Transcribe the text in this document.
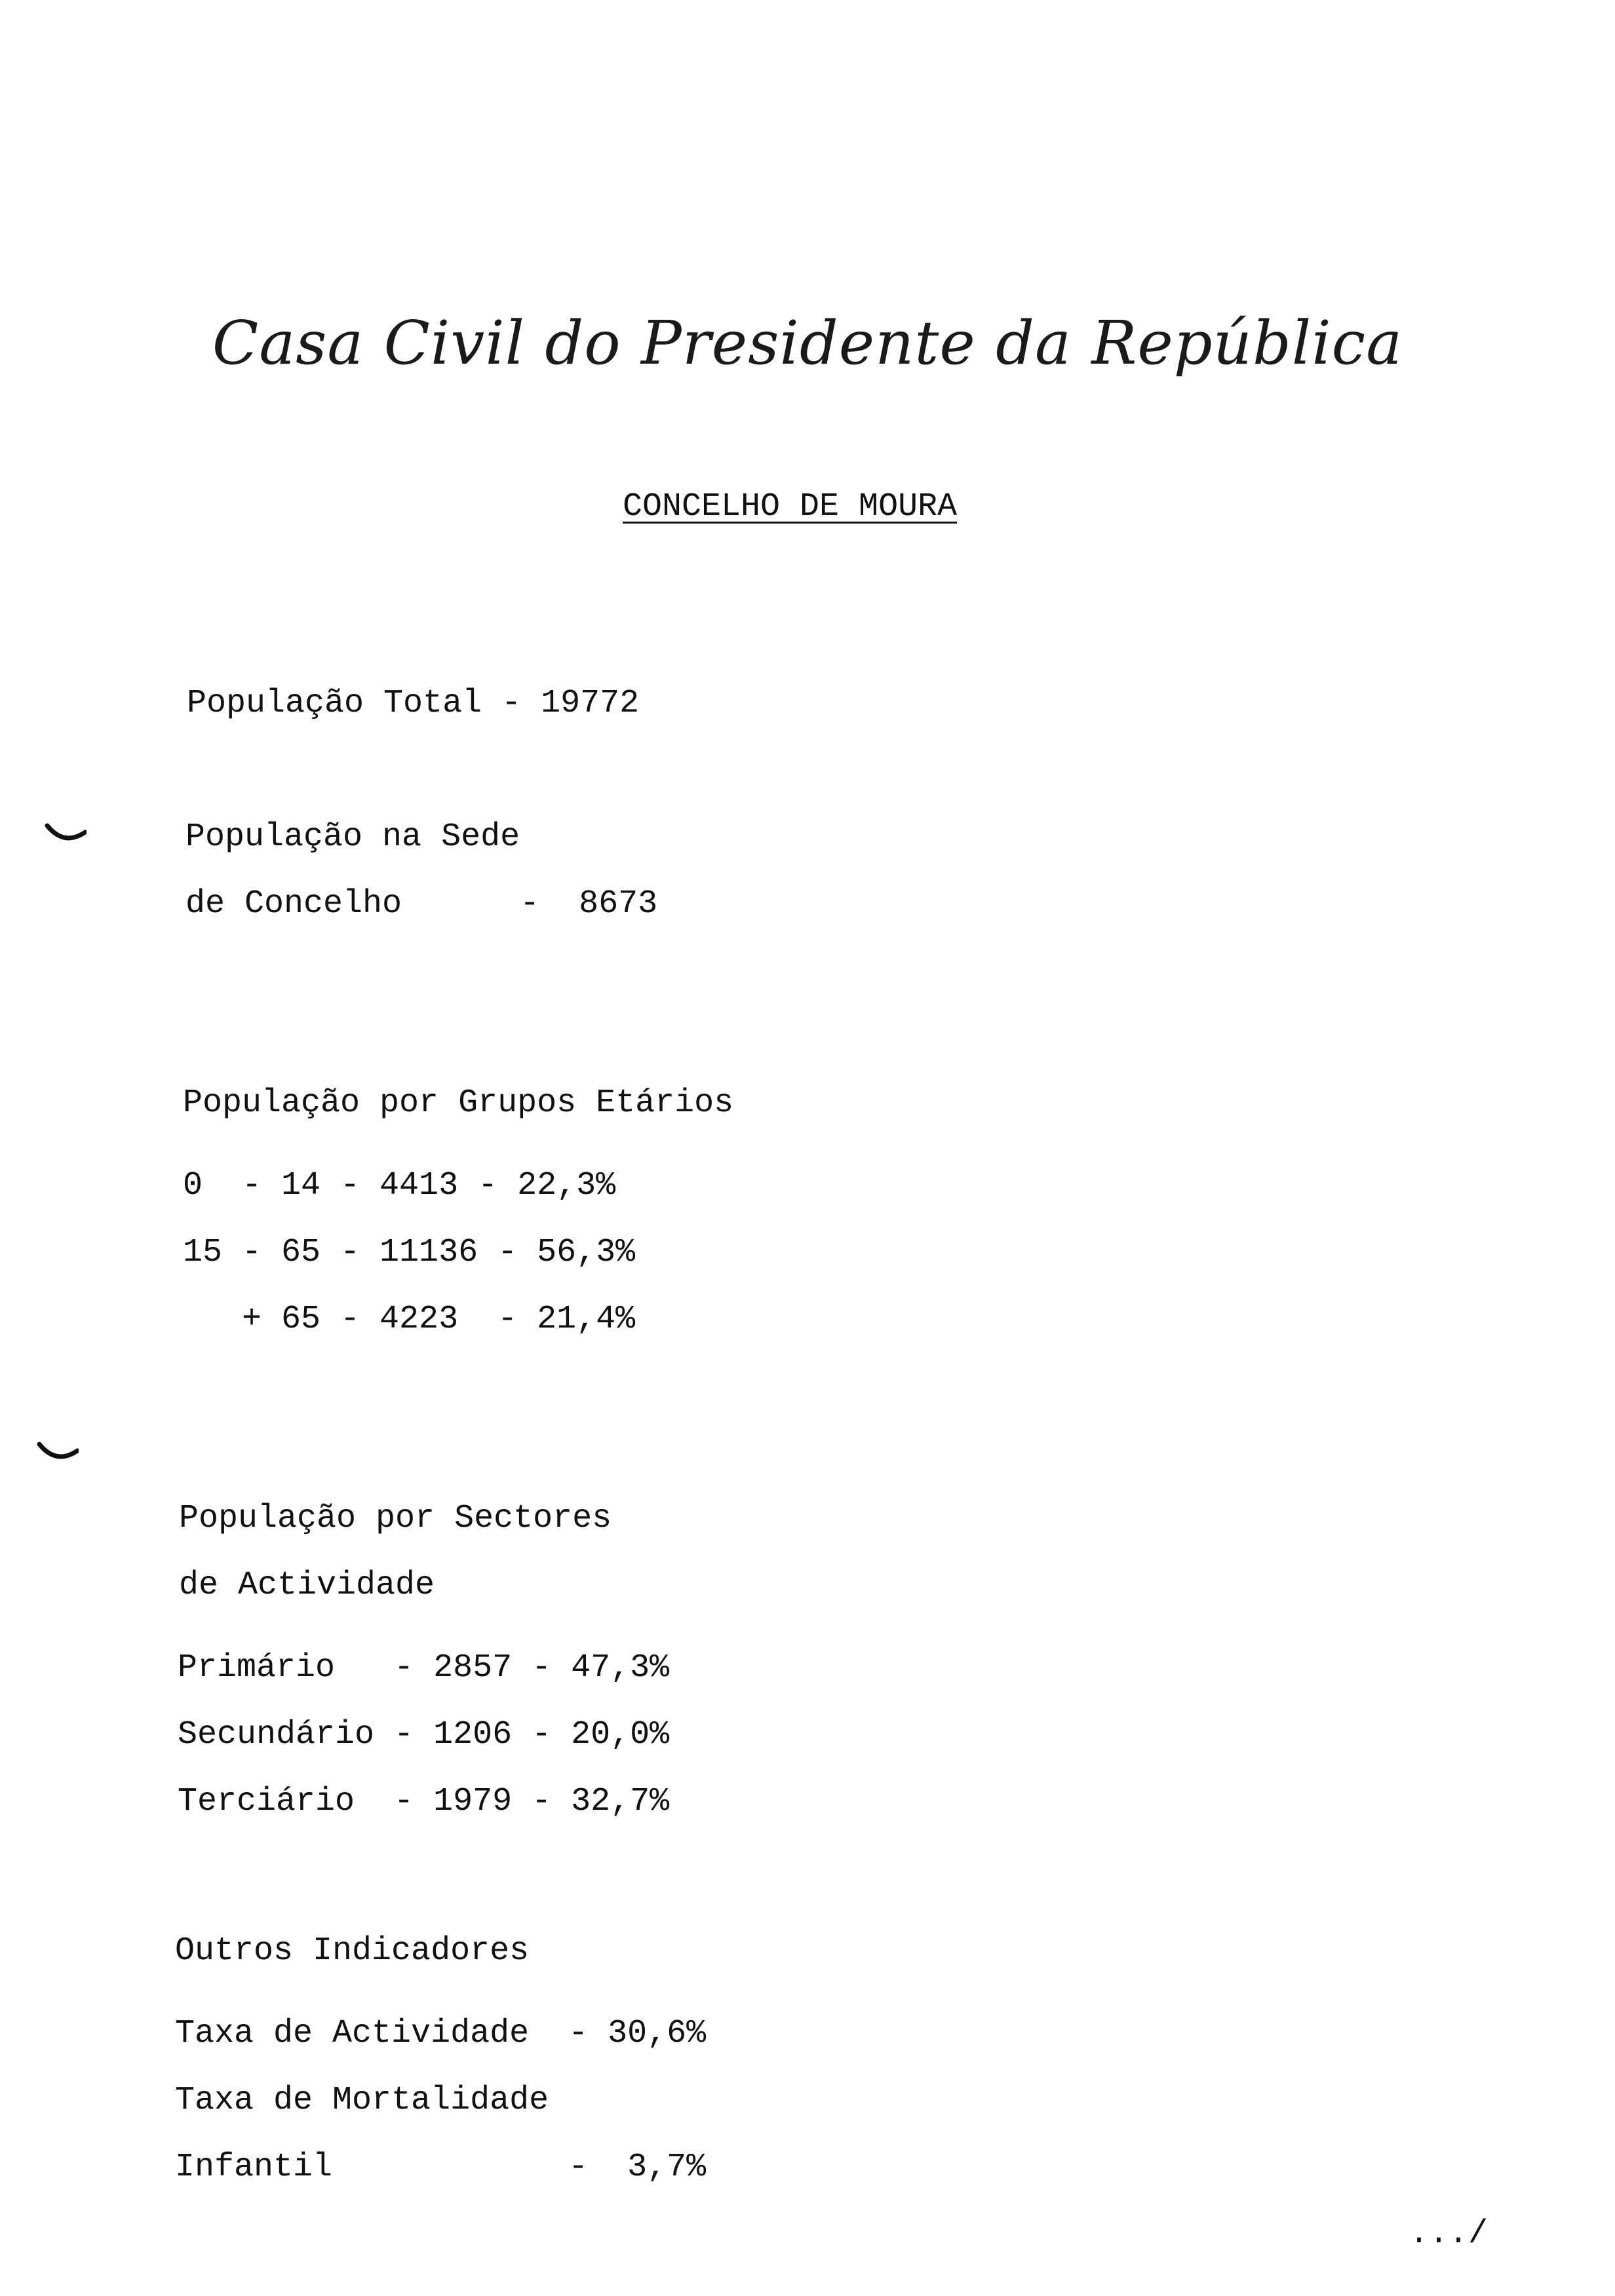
Casa Civil do Presidente da República
CONCELHO DE MOURA
População Total - 19772
População na Sede
de Concelho      -  8673
População por Grupos Etários
0  - 14 - 4413 - 22,3%
15 - 65 - 11136 - 56,3%
+ 65 - 4223  - 21,4%
População por Sectores
de Actividade
Primário   - 2857 - 47,3%
Secundário - 1206 - 20,0%
Terciário  - 1979 - 32,7%
Outros Indicadores
Taxa de Actividade  - 30,6%
Taxa de Mortalidade
Infantil            -  3,7%
.../
